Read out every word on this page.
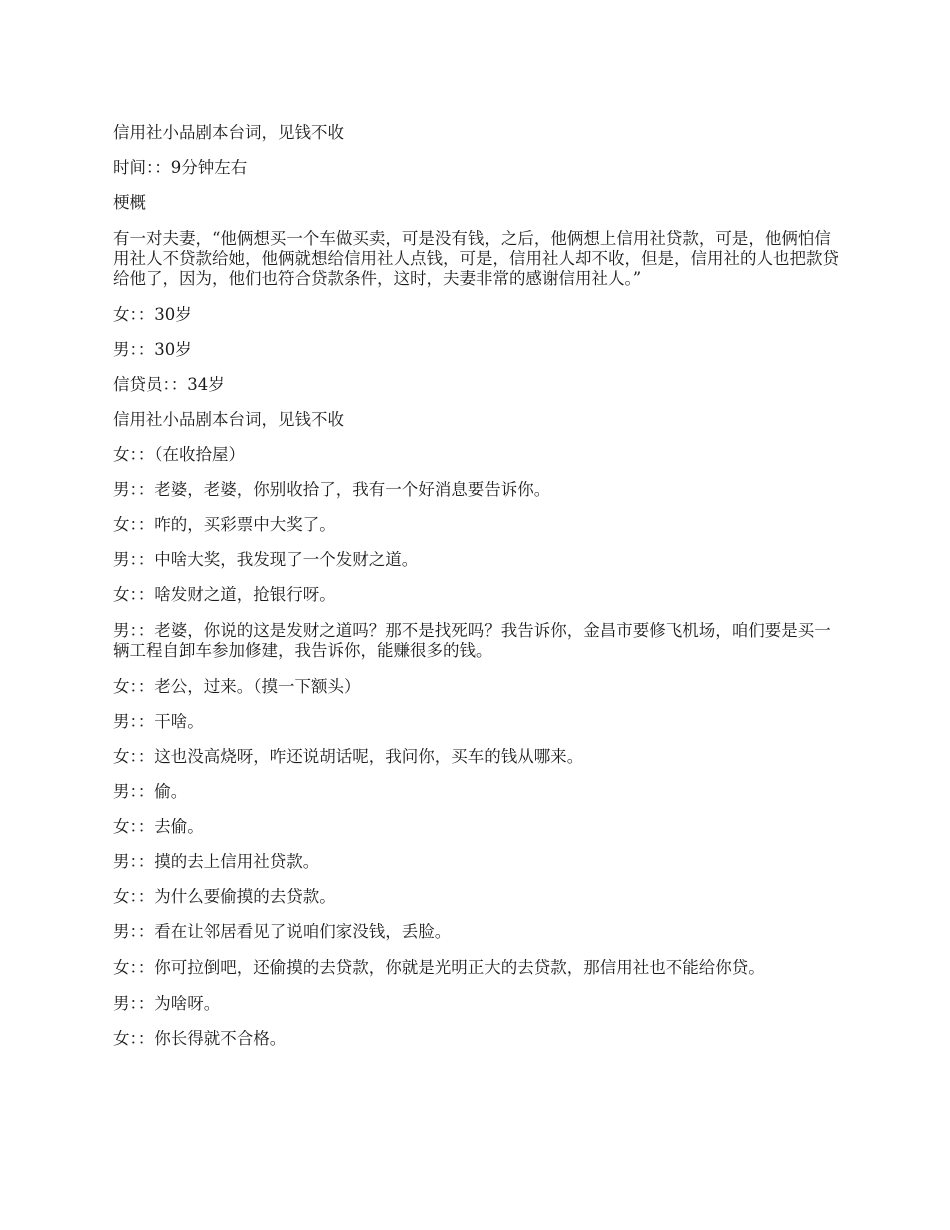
信用社小品剧本台词，见钱不收

时间：：9分钟左右

梗概

有一对夫妻，“他俩想买一个车做买卖，可是没有钱，之后，他俩想上信用社贷款，可是，他俩怕信用社人不贷款给她，他俩就想给信用社人点钱，可是，信用社人却不收，但是，信用社的人也把款贷给他了，因为，他们也符合贷款条件，这时，夫妻非常的感谢信用社人。”

女：：30岁

男：：30岁

信贷员：：34岁

信用社小品剧本台词，见钱不收

女：：（在收拾屋）

男：：老婆，老婆，你别收拾了，我有一个好消息要告诉你。

女：：咋的，买彩票中大奖了。

男：：中啥大奖，我发现了一个发财之道。

女：：啥发财之道，抢银行呀。

男：：老婆，你说的这是发财之道吗？那不是找死吗？我告诉你，金昌市要修飞机场，咱们要是买一辆工程自卸车参加修建，我告诉你，能赚很多的钱。

女：：老公，过来。（摸一下额头）

男：：干啥。

女：：这也没高烧呀，咋还说胡话呢，我问你，买车的钱从哪来。

男：：偷。

女：：去偷。

男：：摸的去上信用社贷款。

女：：为什么要偷摸的去贷款。

男：：看在让邻居看见了说咱们家没钱，丢脸。

女：：你可拉倒吧，还偷摸的去贷款，你就是光明正大的去贷款，那信用社也不能给你贷。

男：：为啥呀。

女：：你长得就不合格。
